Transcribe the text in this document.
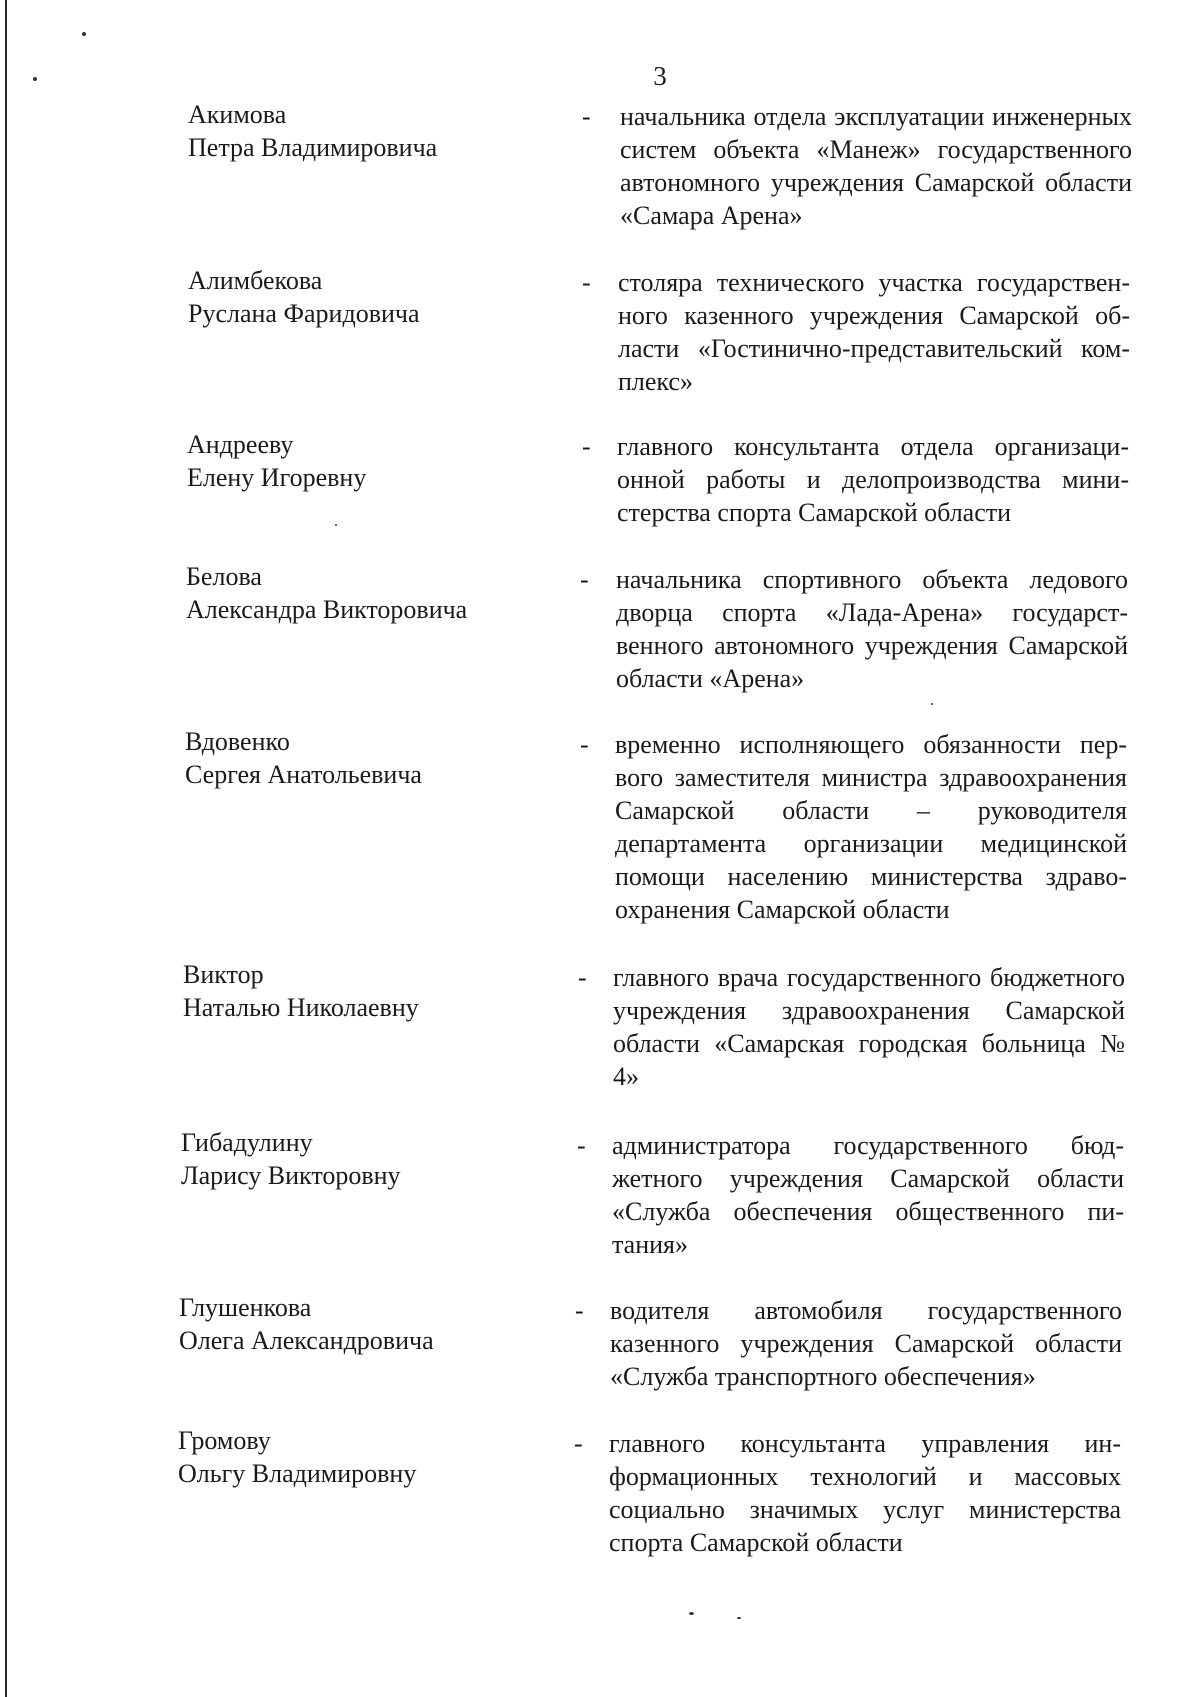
3
Акимова
Петра Владимировича
- начальника отдела эксплуатации инженерных систем объекта «Манеж» государственного автономного учреждения Самарской области «Самара Арена»
Алимбекова
Руслана Фаридовича
- столяра технического участка государственного казенного учреждения Самарской области «Гостинично-представительский комплекс»
Андрееву
Елену Игоревну
- главного консультанта отдела организационной работы и делопроизводства министерства спорта Самарской области
Белова
Александра Викторовича
- начальника спортивного объекта ледового дворца спорта «Лада-Арена» государственного автономного учреждения Самарской области «Арена»
Вдовенко
Сергея Анатольевича
- временно исполняющего обязанности первого заместителя министра здравоохранения Самарской области – руководителя департамента организации медицинской помощи населению министерства здравоохранения Самарской области
Виктор
Наталью Николаевну
- главного врача государственного бюджетного учреждения здравоохранения Самарской области «Самарская городская больница № 4»
Гибадулину
Ларису Викторовну
- администратора государственного бюджетного учреждения Самарской области «Служба обеспечения общественного питания»
Глушенкова
Олега Александровича
- водителя автомобиля государственного казенного учреждения Самарской области «Служба транспортного обеспечения»
Громову
Ольгу Владимировну
- главного консультанта управления информационных технологий и массовых социально значимых услуг министерства спорта Самарской области
